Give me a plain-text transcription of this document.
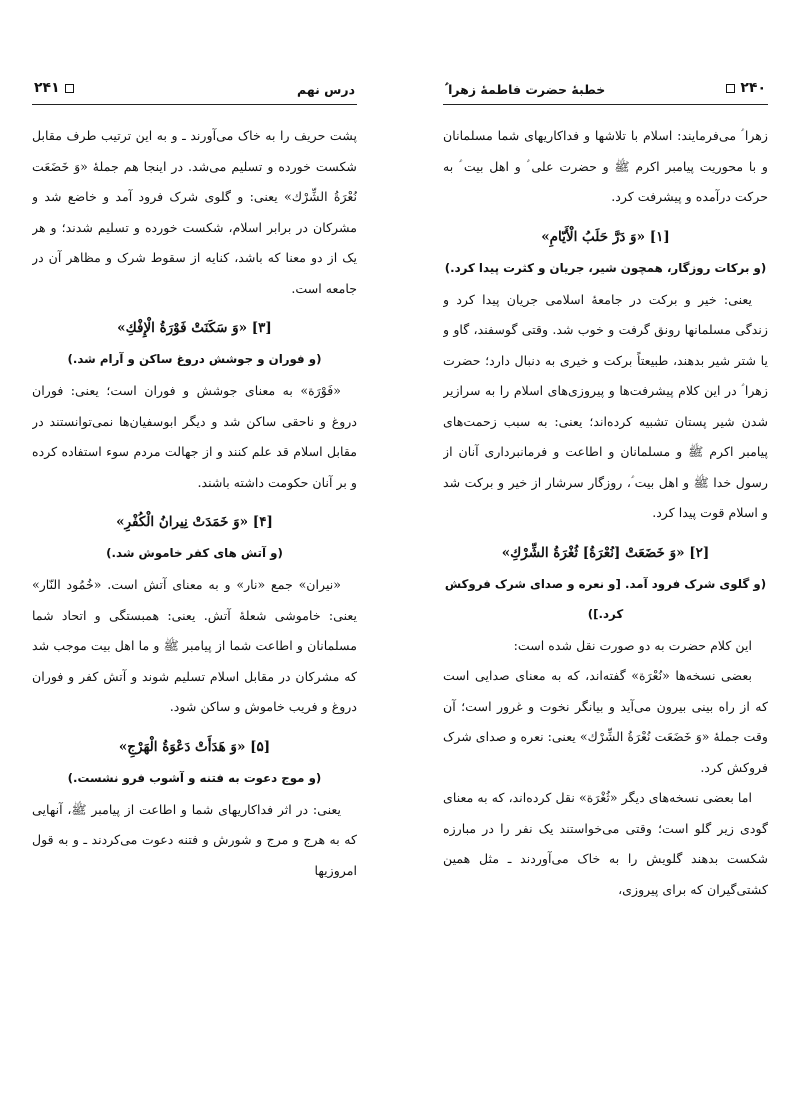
درس نهم
۲۴۱

پشت حریف را به خاک می‌آورند ـ و به این ترتیب طرف مقابل شکست خورده و تسلیم می‌شد. در اینجا هم جملهٔ «وَ خَضَعَت نُعْرَةُ الشِّرْك» یعنی: و گلوی شرک فرود آمد و خاضع شد و مشرکان در برابر اسلام، شکست خورده و تسلیم شدند؛ و هر یک از دو معنا که باشد، کنایه از سقوط شرک و مظاهر آن در جامعه است.

[۳] «وَ سَكَنَتْ فَوْرَةُ الْإِفْكِ»
(و فوران و جوشش دروغ ساکن و آرام شد.)

«فَوْرَة» به معنای جوشش و فوران است؛ یعنی: فوران دروغ و ناحقی ساکن شد و دیگر ابوسفیان‌ها نمی‌توانستند در مقابل اسلام قد علم کنند و از جهالت مردم سوء استفاده کرده و بر آنان حکومت داشته باشند.

[۴] «وَ خَمَدَتْ نِيرانُ الْكُفْرِ»
(و آتش های کفر خاموش شد.)

«نیران» جمع «نار» و به معنای آتش است. «خُمُود النّار» یعنی: خاموشی شعلهٔ آتش. یعنی: همبستگی و اتحاد شما مسلمانان و اطاعت شما از پیامبر ﷺ و ما اهل بیت موجب شد که مشرکان در مقابل اسلام تسلیم شوند و آتش کفر و فوران دروغ و فریب خاموش و ساکن شود.

[۵] «وَ هَدَأَتْ دَعْوَةُ الْهَرْجِ»
(و موج دعوت به فتنه و آشوب فرو نشست.)

یعنی: در اثر فداکاریهای شما و اطاعت از پیامبر ﷺ، آنهایی که به هرج و مرج و شورش و فتنه دعوت می‌کردند ـ و به قول امروزیها

خطبهٔ حضرت فاطمهٔ زهرا ؑ	۲۴۰

زهرا ؑ می‌فرمایند: اسلام با تلاشها و فداکاریهای شما مسلمانان و با محوریت پیامبر اکرم ﷺ و حضرت علی ؑ و اهل بیت ؑ به حرکت درآمده و پیشرفت کرد.

[۱] «وَ دَرَّ حَلَبُ الْأَيّامِ»
(و برکات روزگار، همچون شیر، جریان و کثرت پیدا کرد.)

یعنی: خیر و برکت در جامعهٔ اسلامی جریان پیدا کرد و زندگی مسلمانها رونق گرفت و خوب شد. وقتی گوسفند، گاو و یا شتر شیر بدهند، طبیعتاً برکت و خیری به دنبال دارد؛ حضرت زهرا ؑ در این کلام پیشرفت‌ها و پیروزی‌های اسلام را به سرازیر شدن شیر پستان تشبیه کرده‌اند؛ یعنی: به سبب زحمت‌های پیامبر اکرم ﷺ و مسلمانان و اطاعت و فرمانبرداری آنان از رسول خدا ﷺ و اهل بیت ؑ، روزگار سرشار از خیر و برکت شد و اسلام قوت پیدا کرد.

[۲] «وَ خَضَعَتْ [نُعْرَةُ] ثُغْرَةُ الشِّرْكِ»
(و گلوی شرک فرود آمد. [و نعره و صدای شرک فروکش کرد.])

این کلام حضرت به دو صورت نقل شده است:

بعضی نسخه‌ها «نُعْرَة» گفته‌اند، که به معنای صدایی است که از راه بینی بیرون می‌آید و بیانگر نخوت و غرور است؛ آن وقت جملهٔ «وَ خَضَعَت نُعْرَةُ الشِّرْك» یعنی: نعره و صدای شرک فروکش کرد.

اما بعضی نسخه‌های دیگر «ثُغْرَة» نقل کرده‌اند، که به معنای گودی زیر گلو است؛ وقتی می‌خواستند یک نفر را در مبارزه شکست بدهند گلویش را به خاک می‌آوردند ـ مثل همین کشتی‌گیران که برای پیروزی،
